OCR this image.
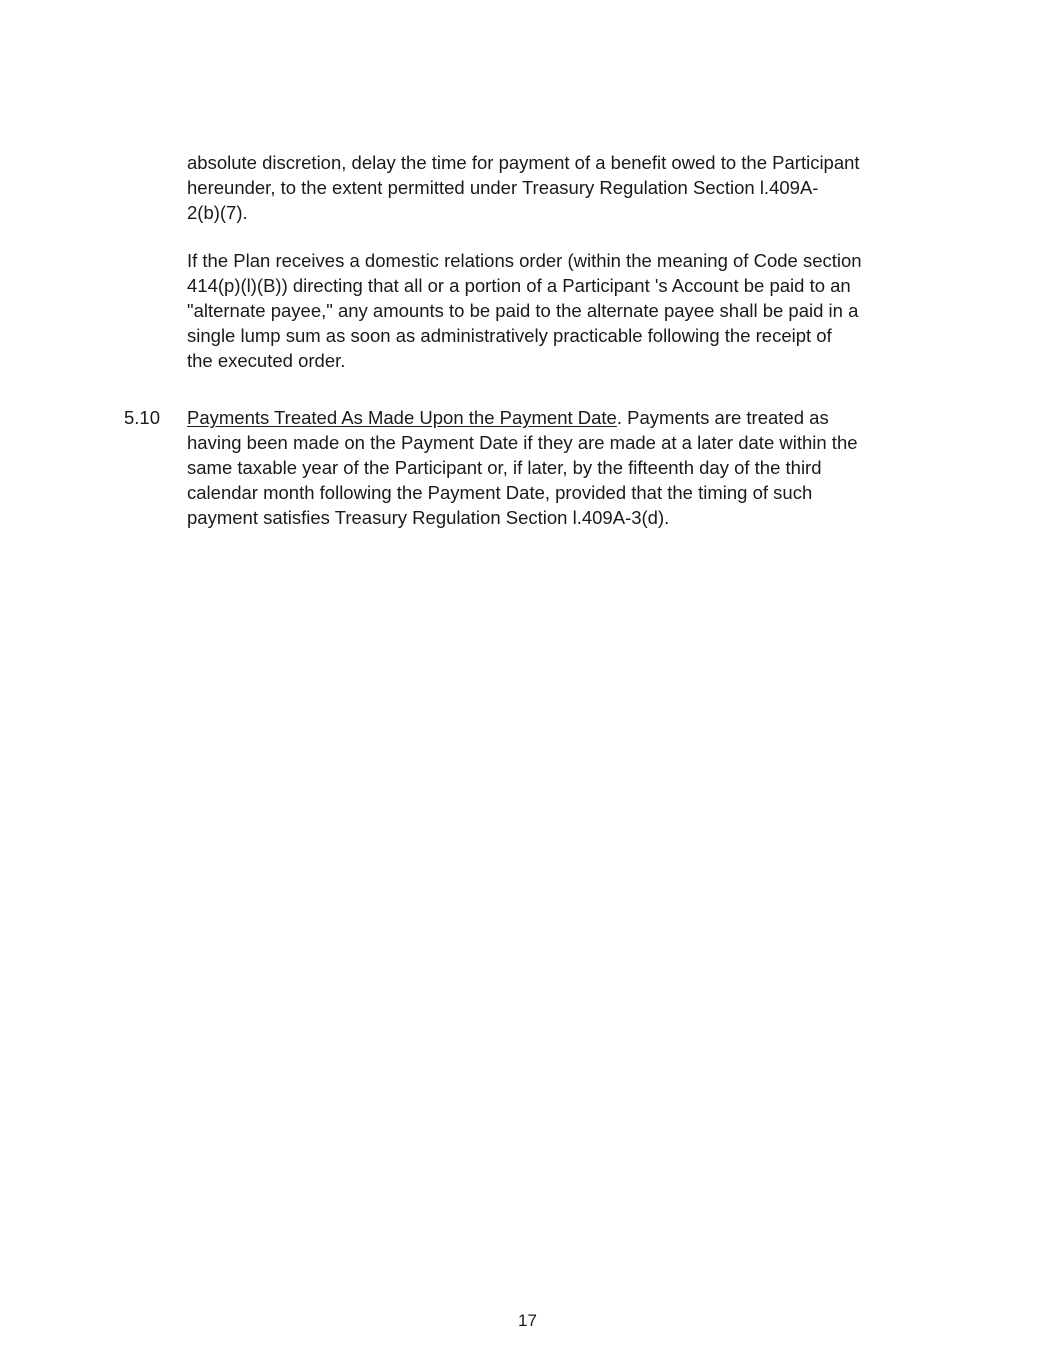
absolute discretion, delay the time for payment of a benefit owed to the Participant
hereunder, to the extent permitted under Treasury Regulation Section l.409A-
2(b)(7).
If the Plan receives a domestic relations order (within the meaning of Code section
414(p)(l)(B)) directing that all or a portion of a Participant 's Account be paid to an
"alternate payee," any amounts to be paid to the alternate payee shall be paid in a
single lump sum as soon as administratively practicable following the receipt of
the executed order.
5.10 Payments Treated As Made Upon the Payment Date. Payments are treated as
having been made on the Payment Date if they are made at a later date within the
same taxable year of the Participant or, if later, by the fifteenth day of the third
calendar month following the Payment Date, provided that the timing of such
payment satisfies Treasury Regulation Section l.409A-3(d).
17
